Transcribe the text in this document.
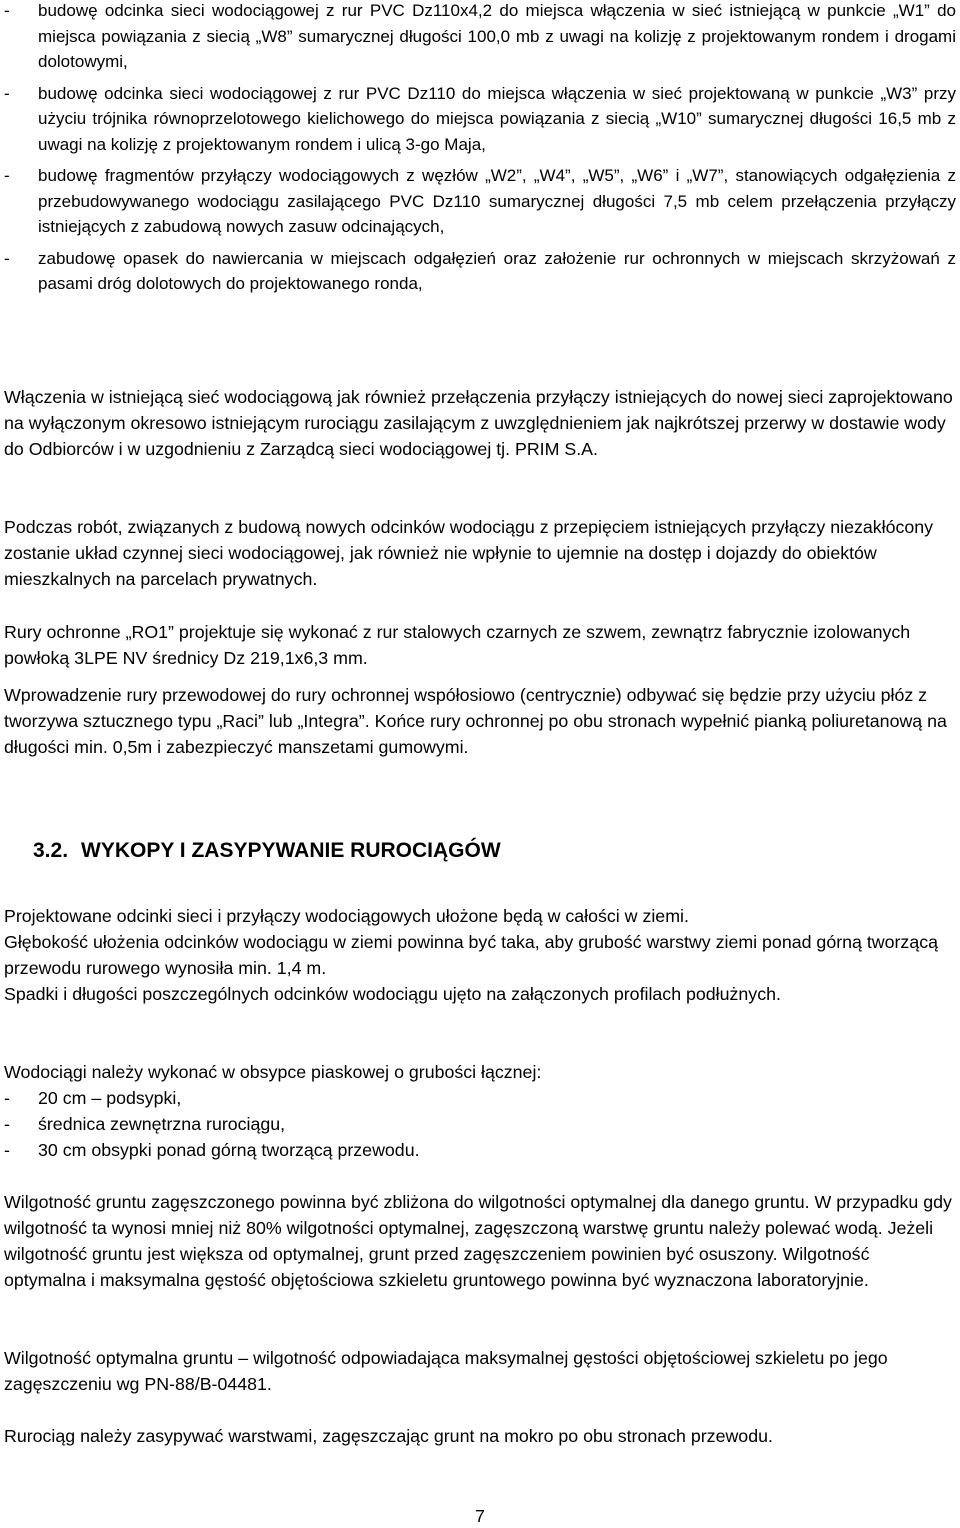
- budowę odcinka sieci wodociągowej z rur PVC Dz110x4,2 do miejsca włączenia w sieć istniejącą w punkcie „W1” do miejsca powiązania z siecią „W8” sumarycznej długości 100,0 mb z uwagi na kolizję z projektowanym rondem i drogami dolotowymi,
- budowę odcinka sieci wodociągowej z rur PVC Dz110 do miejsca włączenia w sieć projektowaną w punkcie „W3” przy użyciu trójnika równoprzelotowego kielichowego do miejsca powiązania z siecią „W10” sumarycznej długości 16,5 mb z uwagi na kolizję z projektowanym rondem i ulicą 3-go Maja,
- budowę fragmentów przyłączy wodociągowych z węzłów „W2”, „W4”, „W5”, „W6” i „W7”, stanowiących odgałęzienia z przebudowywanego wodociągu zasilającego PVC Dz110 sumarycznej długości 7,5 mb celem przełączenia przyłączy istniejących z zabudową nowych zasuw odcinających,
- zabudowę opasek do nawiercania w miejscach odgałęzień oraz założenie rur ochronnych w miejscach skrzyżowań z pasami dróg dolotowych do projektowanego ronda,
Włączenia w istniejącą sieć wodociągową jak również przełączenia przyłączy istniejących do nowej sieci zaprojektowano na wyłączonym okresowo istniejącym rurociągu zasilającym z uwzględnieniem jak najkrótszej przerwy w dostawie wody do Odbiorców i w uzgodnieniu z Zarządcą sieci wodociągowej tj. PRIM S.A.
Podczas robót, związanych z budową nowych odcinków wodociągu z przepięciem istniejących przyłączy niezakłócony zostanie układ czynnej sieci wodociągowej, jak również nie wpłynie to ujemnie na dostęp i dojazdy do obiektów mieszkalnych na parcelach prywatnych.
Rury ochronne „RO1” projektuje się wykonać z rur stalowych czarnych ze szwem, zewnątrz fabrycznie izolowanych powłoką 3LPE NV średnicy Dz 219,1x6,3 mm.
Wprowadzenie rury przewodowej do rury ochronnej współosiowo (centrycznie) odbywać się będzie przy użyciu płóz z tworzywa sztucznego typu „Raci” lub „Integra”. Końce rury ochronnej po obu stronach wypełnić pianką poliuretanową na długości min. 0,5m i zabezpieczyć manszetami gumowymi.
3.2. WYKOPY I ZASYPYWANIE RUROCIĄGÓW
Projektowane odcinki sieci i przyłączy wodociągowych ułożone będą w całości w ziemi.
Głębokość ułożenia odcinków wodociągu w ziemi powinna być taka, aby grubość warstwy ziemi ponad górną tworzącą przewodu rurowego wynosiła min. 1,4 m.
Spadki i długości poszczególnych odcinków wodociągu ujęto na załączonych profilach podłużnych.
Wodociągi należy wykonać w obsypce piaskowej o grubości łącznej:
- 20 cm – podsypki,
- średnica zewnętrzna rurociągu,
- 30 cm obsypki ponad górną tworzącą przewodu.
Wilgotność gruntu zagęszczonego powinna być zbliżona do wilgotności optymalnej dla danego gruntu. W przypadku gdy wilgotność ta wynosi mniej niż 80% wilgotności optymalnej, zagęszczoną warstwę gruntu należy polewać wodą. Jeżeli wilgotność gruntu jest większa od optymalnej, grunt przed zagęszczeniem powinien być osuszony. Wilgotność optymalna i maksymalna gęstość objętościowa szkieletu gruntowego powinna być wyznaczona laboratoryjnie.
Wilgotność optymalna gruntu – wilgotność odpowiadająca maksymalnej gęstości objętościowej szkieletu po jego zagęszczeniu wg PN-88/B-04481.
Rurociąg należy zasypywać warstwami, zagęszczając grunt na mokro po obu stronach przewodu.
7
